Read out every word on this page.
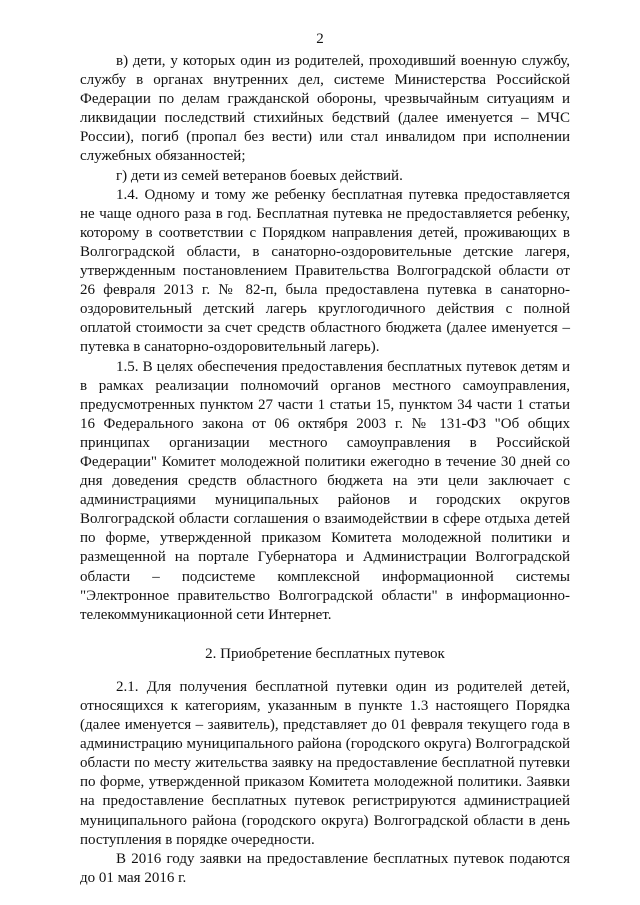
2

в) дети, у которых один из родителей, проходивший военную службу, службу в органах внутренних дел, системе Министерства Российской Федерации по делам гражданской обороны, чрезвычайным ситуациям и ликвидации последствий стихийных бедствий (далее именуется – МЧС России), погиб (пропал без вести) или стал инвалидом при исполнении служебных обязанностей;

г) дети из семей ветеранов боевых действий.

1.4. Одному и тому же ребенку бесплатная путевка предоставляется не чаще одного раза в год. Бесплатная путевка не предоставляется ребенку, которому в соответствии с Порядком направления детей, проживающих в Волгоградской области, в санаторно-оздоровительные детские лагеря, утвержденным постановлением Правительства Волгоградской области от 26 февраля 2013 г. № 82-п, была предоставлена путевка в санаторно-оздоровительный детский лагерь круглогодичного действия с полной оплатой стоимости за счет средств областного бюджета (далее именуется – путевка в санаторно-оздоровительный лагерь).

1.5. В целях обеспечения предоставления бесплатных путевок детям и в рамках реализации полномочий органов местного самоуправления, предусмотренных пунктом 27 части 1 статьи 15, пунктом 34 части 1 статьи 16 Федерального закона от 06 октября 2003 г. № 131-ФЗ "Об общих принципах организации местного самоуправления в Российской Федерации" Комитет молодежной политики ежегодно в течение 30 дней со дня доведения средств областного бюджета на эти цели заключает с администрациями муниципальных районов и городских округов Волгоградской области соглашения о взаимодействии в сфере отдыха детей по форме, утвержденной приказом Комитета молодежной политики и размещенной на портале Губернатора и Администрации Волгоградской области – подсистеме комплексной информационной системы "Электронное правительство Волгоградской области" в информационно-телекоммуникационной сети Интернет.

2. Приобретение бесплатных путевок

2.1. Для получения бесплатной путевки один из родителей детей, относящихся к категориям, указанным в пункте 1.3 настоящего Порядка (далее именуется – заявитель), представляет до 01 февраля текущего года в администрацию муниципального района (городского округа) Волгоградской области по месту жительства заявку на предоставление бесплатной путевки по форме, утвержденной приказом Комитета молодежной политики. Заявки на предоставление бесплатных путевок регистрируются администрацией муниципального района (городского округа) Волгоградской области в день поступления в порядке очередности.

В 2016 году заявки на предоставление бесплатных путевок подаются до 01 мая 2016 г.
